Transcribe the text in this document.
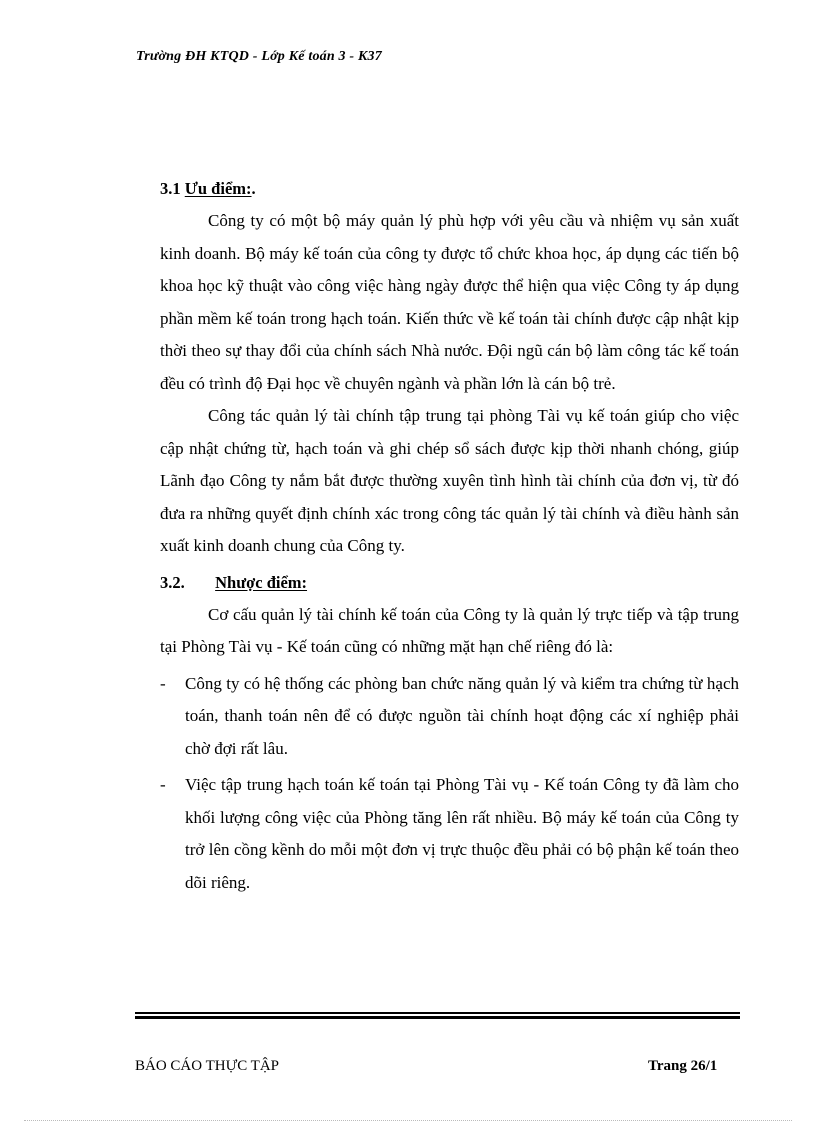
Trường ĐH KTQD - Lớp Kế toán 3 - K37
3.1 Ưu điểm:.

Công ty có một bộ máy quản lý phù hợp với yêu cầu và nhiệm vụ sản xuất kinh doanh. Bộ máy kế toán của công ty được tổ chức khoa học, áp dụng các tiến bộ khoa học kỹ thuật vào công việc hàng ngày được thể hiện qua việc Công ty áp dụng phần mềm kế toán trong hạch toán. Kiến thức về kế toán tài chính được cập nhật kịp thời theo sự thay đổi của chính sách Nhà nước. Đội ngũ cán bộ làm công tác kế toán đều có trình độ Đại học về chuyên ngành và phần lớn là cán bộ trẻ.

Công tác quản lý tài chính tập trung tại phòng Tài vụ kế toán giúp cho việc cập nhật chứng từ, hạch toán và ghi chép sổ sách được kịp thời nhanh chóng, giúp Lãnh đạo Công ty nắm bắt được thường xuyên tình hình tài chính của đơn vị, từ đó đưa ra những quyết định chính xác trong công tác quản lý tài chính và điều hành sản xuất kinh doanh chung của Công ty.

3.2. Nhược điểm:

Cơ cấu quản lý tài chính kế toán của Công ty là quản lý trực tiếp và tập trung tại Phòng Tài vụ - Kế toán cũng có những mặt hạn chế riêng đó là:

- Công ty có hệ thống các phòng ban chức năng quản lý và kiểm tra chứng từ hạch toán, thanh toán nên để có được nguồn tài chính hoạt động các xí nghiệp phải chờ đợi rất lâu.
- Việc tập trung hạch toán kế toán tại Phòng Tài vụ - Kế toán Công ty đã làm cho khối lượng công việc của Phòng tăng lên rất nhiều. Bộ máy kế toán của Công ty trở lên cồng kềnh do mỗi một đơn vị trực thuộc đều phải có bộ phận kế toán theo dõi riêng.
BÁO CÁO THỰC TẬP	Trang 26/1
